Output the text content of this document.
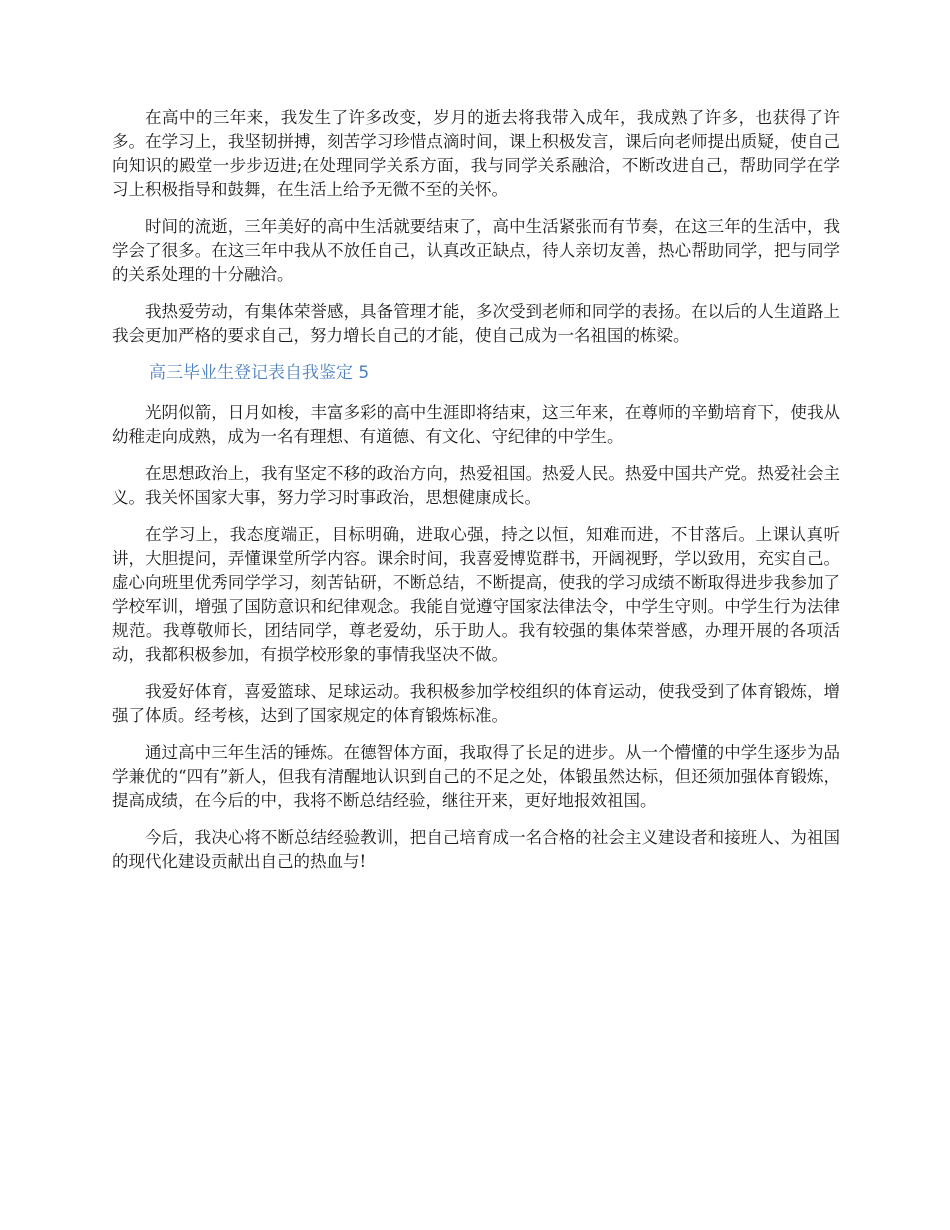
在高中的三年来，我发生了许多改变，岁月的逝去将我带入成年，我成熟了许多，也获得了许多。在学习上，我坚韧拼搏，刻苦学习珍惜点滴时间，课上积极发言，课后向老师提出质疑，使自己向知识的殿堂一步步迈进;在处理同学关系方面，我与同学关系融洽，不断改进自己，帮助同学在学习上积极指导和鼓舞，在生活上给予无微不至的关怀。

时间的流逝，三年美好的高中生活就要结束了，高中生活紧张而有节奏，在这三年的生活中，我学会了很多。在这三年中我从不放任自己，认真改正缺点，待人亲切友善，热心帮助同学，把与同学的关系处理的十分融洽。

我热爱劳动，有集体荣誉感，具备管理才能，多次受到老师和同学的表扬。在以后的人生道路上我会更加严格的要求自己，努力增长自己的才能，使自己成为一名祖国的栋梁。

高三毕业生登记表自我鉴定 5

光阴似箭，日月如梭，丰富多彩的高中生涯即将结束，这三年来，在尊师的辛勤培育下，使我从幼稚走向成熟，成为一名有理想、有道德、有文化、守纪律的中学生。

在思想政治上，我有坚定不移的政治方向，热爱祖国。热爱人民。热爱中国共产党。热爱社会主义。我关怀国家大事，努力学习时事政治，思想健康成长。

在学习上，我态度端正，目标明确，进取心强，持之以恒，知难而进，不甘落后。上课认真听讲，大胆提问，弄懂课堂所学内容。课余时间，我喜爱博览群书，开阔视野，学以致用，充实自己。虚心向班里优秀同学学习，刻苦钻研，不断总结，不断提高，使我的学习成绩不断取得进步我参加了学校军训，增强了国防意识和纪律观念。我能自觉遵守国家法律法令，中学生守则。中学生行为法律规范。我尊敬师长，团结同学，尊老爱幼，乐于助人。我有较强的集体荣誉感，办理开展的各项活动，我都积极参加，有损学校形象的事情我坚决不做。

我爱好体育，喜爱篮球、足球运动。我积极参加学校组织的体育运动，使我受到了体育锻炼，增强了体质。经考核，达到了国家规定的体育锻炼标准。

通过高中三年生活的锤炼。在德智体方面，我取得了长足的进步。从一个懵懂的中学生逐步为品学兼优的“四有”新人，但我有清醒地认识到自己的不足之处，体锻虽然达标，但还须加强体育锻炼，提高成绩，在今后的中，我将不断总结经验，继往开来，更好地报效祖国。

今后，我决心将不断总结经验教训，把自己培育成一名合格的社会主义建设者和接班人、为祖国的现代化建设贡献出自己的热血与!
